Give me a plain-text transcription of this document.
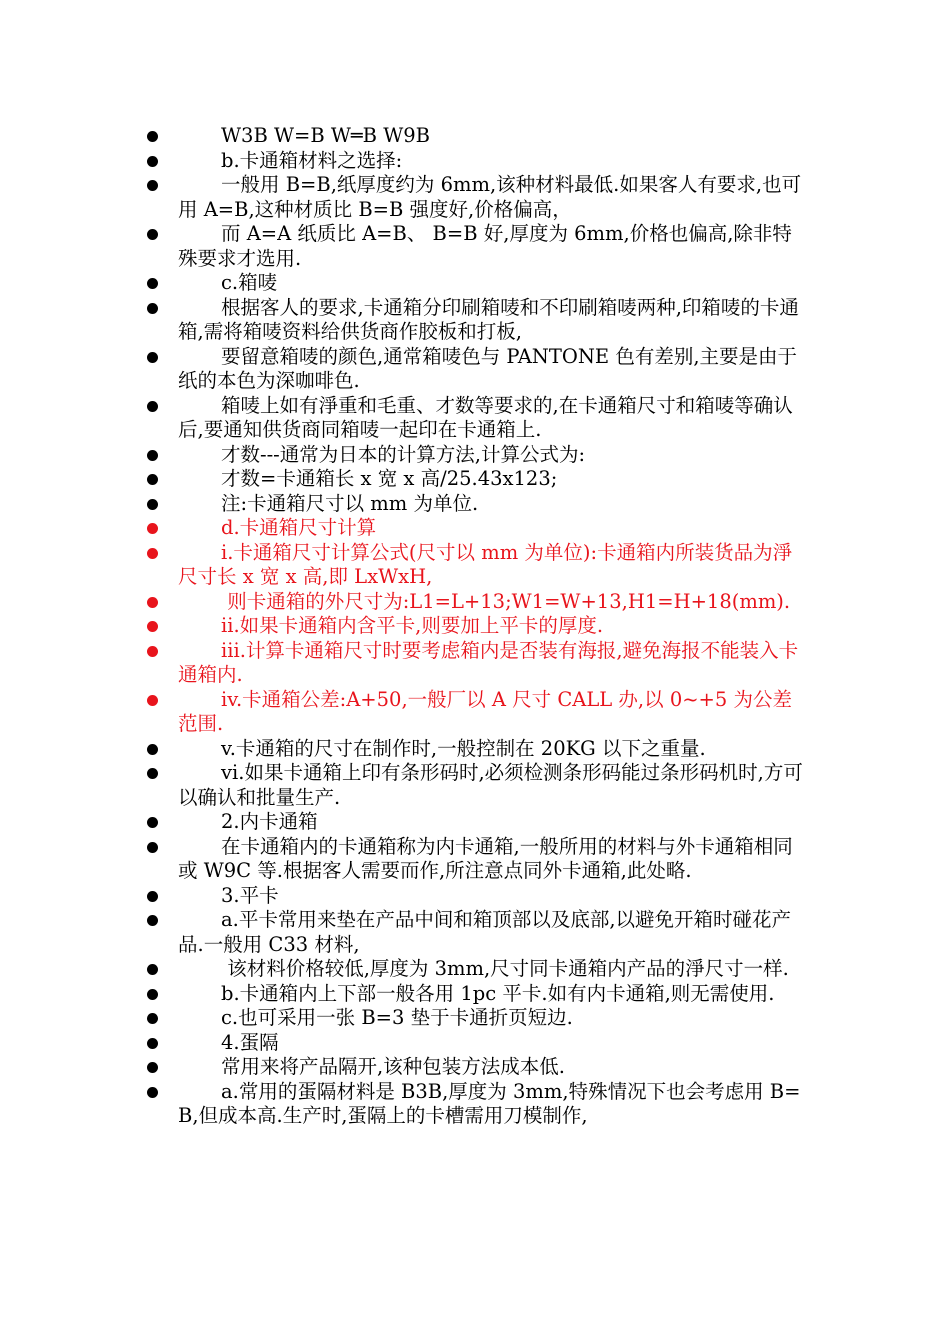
W3B W=B W═B W9B
b.卡通箱材料之选择:
一般用 B=B,纸厚度约为 6mm,该种材料最低.如果客人有要求,也可用 A=B,这种材质比 B=B 强度好,价格偏高，
而 A=A 纸质比 A=B、 B=B 好,厚度为 6mm,价格也偏高,除非特殊要求才选用.
c.箱唛
根据客人的要求,卡通箱分印刷箱唛和不印刷箱唛两种,印箱唛的卡通箱,需将箱唛资料给供货商作胶板和打板,
要留意箱唛的颜色,通常箱唛色与 PANTONE 色有差别,主要是由于纸的本色为深咖啡色.
箱唛上如有淨重和毛重、才数等要求的,在卡通箱尺寸和箱唛等确认后,要通知供货商同箱唛一起印在卡通箱上.
才数---通常为日本的计算方法,计算公式为:
才数=卡通箱长 x 宽 x 高/25.43x123;
注:卡通箱尺寸以 mm 为单位.
d.卡通箱尺寸计算
i.卡通箱尺寸计算公式(尺寸以 mm 为单位):卡通箱内所装货品为淨尺寸长 x 宽 x 高,即 LxWxH,
则卡通箱的外尺寸为:L1=L+13;W1=W+13,H1=H+18(mm).
ii.如果卡通箱内含平卡,则要加上平卡的厚度.
iii.计算卡通箱尺寸时要考虑箱内是否装有海报,避免海报不能装入卡通箱内.
iv.卡通箱公差:A+50,一般厂以 A 尺寸 CALL 办,以 0~+5 为公差范围.
v.卡通箱的尺寸在制作时,一般控制在 20KG 以下之重量.
vi.如果卡通箱上印有条形码时,必须检测条形码能过条形码机时,方可以确认和批量生产.
2.内卡通箱
在卡通箱内的卡通箱称为内卡通箱,一般所用的材料与外卡通箱相同或 W9C 等.根据客人需要而作,所注意点同外卡通箱,此处略.
3.平卡
a.平卡常用来垫在产品中间和箱顶部以及底部,以避免开箱时碰花产品.一般用 C33 材料,
该材料价格较低,厚度为 3mm,尺寸同卡通箱内产品的淨尺寸一样.
b.卡通箱内上下部一般各用 1pc 平卡.如有内卡通箱,则无需使用.
c.也可采用一张 B=3 垫于卡通折页短边.
4.蛋隔
常用来将产品隔开,该种包装方法成本低.
a.常用的蛋隔材料是 B3B,厚度为 3mm,特殊情况下也会考虑用 B=B,但成本高.生产时,蛋隔上的卡槽需用刀模制作,
